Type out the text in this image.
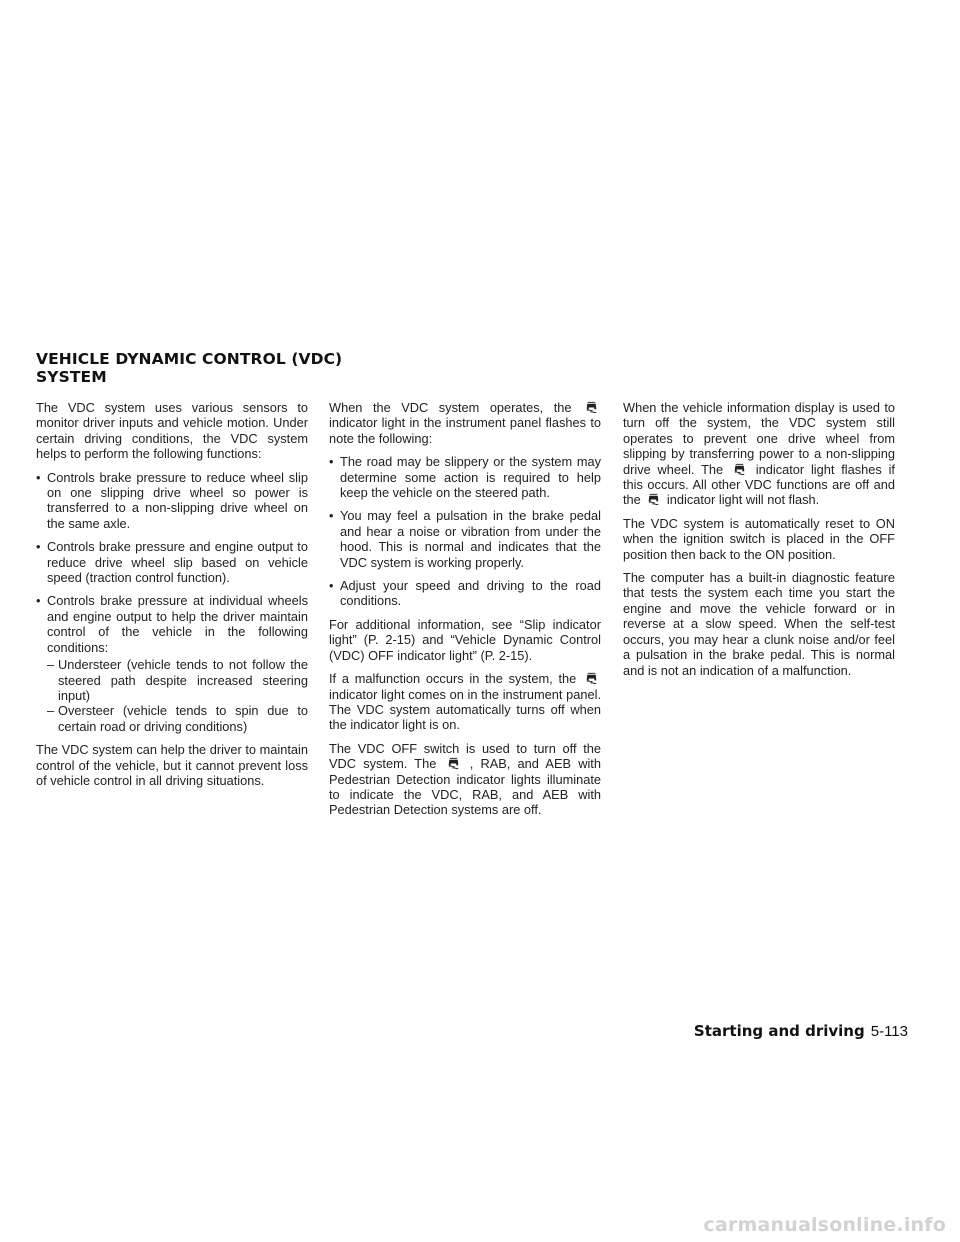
VEHICLE DYNAMIC CONTROL (VDC)
SYSTEM

The VDC system uses various sensors to monitor driver inputs and vehicle motion. Under certain driving conditions, the VDC system helps to perform the following functions:

• Controls brake pressure to reduce wheel slip on one slipping drive wheel so power is transferred to a non-slipping drive wheel on the same axle.
• Controls brake pressure and engine output to reduce drive wheel slip based on vehicle speed (traction control function).
• Controls brake pressure at individual wheels and engine output to help the driver maintain control of the vehicle in the following conditions:
– Understeer (vehicle tends to not follow the steered path despite increased steering input)
– Oversteer (vehicle tends to spin due to certain road or driving conditions)

The VDC system can help the driver to maintain control of the vehicle, but it cannot prevent loss of vehicle control in all driving situations.

When the VDC system operates, the
indicator light in the instrument panel flashes to note the following:

• The road may be slippery or the system may determine some action is required to help keep the vehicle on the steered path.
• You may feel a pulsation in the brake pedal and hear a noise or vibration from under the hood. This is normal and indicates that the VDC system is working properly.
• Adjust your speed and driving to the road conditions.

For additional information, see “Slip indicator light” (P. 2-15) and “Vehicle Dynamic Control (VDC) OFF indicator light” (P. 2-15).

If a malfunction occurs in the system, the
indicator light comes on in the instrument panel. The VDC system automatically turns off when the indicator light is on.

The VDC OFF switch is used to turn off the VDC system. The	, RAB, and AEB with Pedestrian Detection indicator lights illuminate to indicate the VDC, RAB, and AEB with Pedestrian Detection systems are off.

When the vehicle information display is used to turn off the system, the VDC system still operates to prevent one drive wheel from slipping by transferring power to a non-slipping drive wheel. The	indicator light flashes if this occurs. All other VDC functions are off and the indicator light will not flash.

The VDC system is automatically reset to ON when the ignition switch is placed in the OFF position then back to the ON position.

The computer has a built-in diagnostic feature that tests the system each time you start the engine and move the vehicle forward or in reverse at a slow speed. When the self-test occurs, you may hear a clunk noise and/or feel a pulsation in the brake pedal. This is normal and is not an indication of a malfunction.

Starting and driving 5-113
carmanualsonline.info
